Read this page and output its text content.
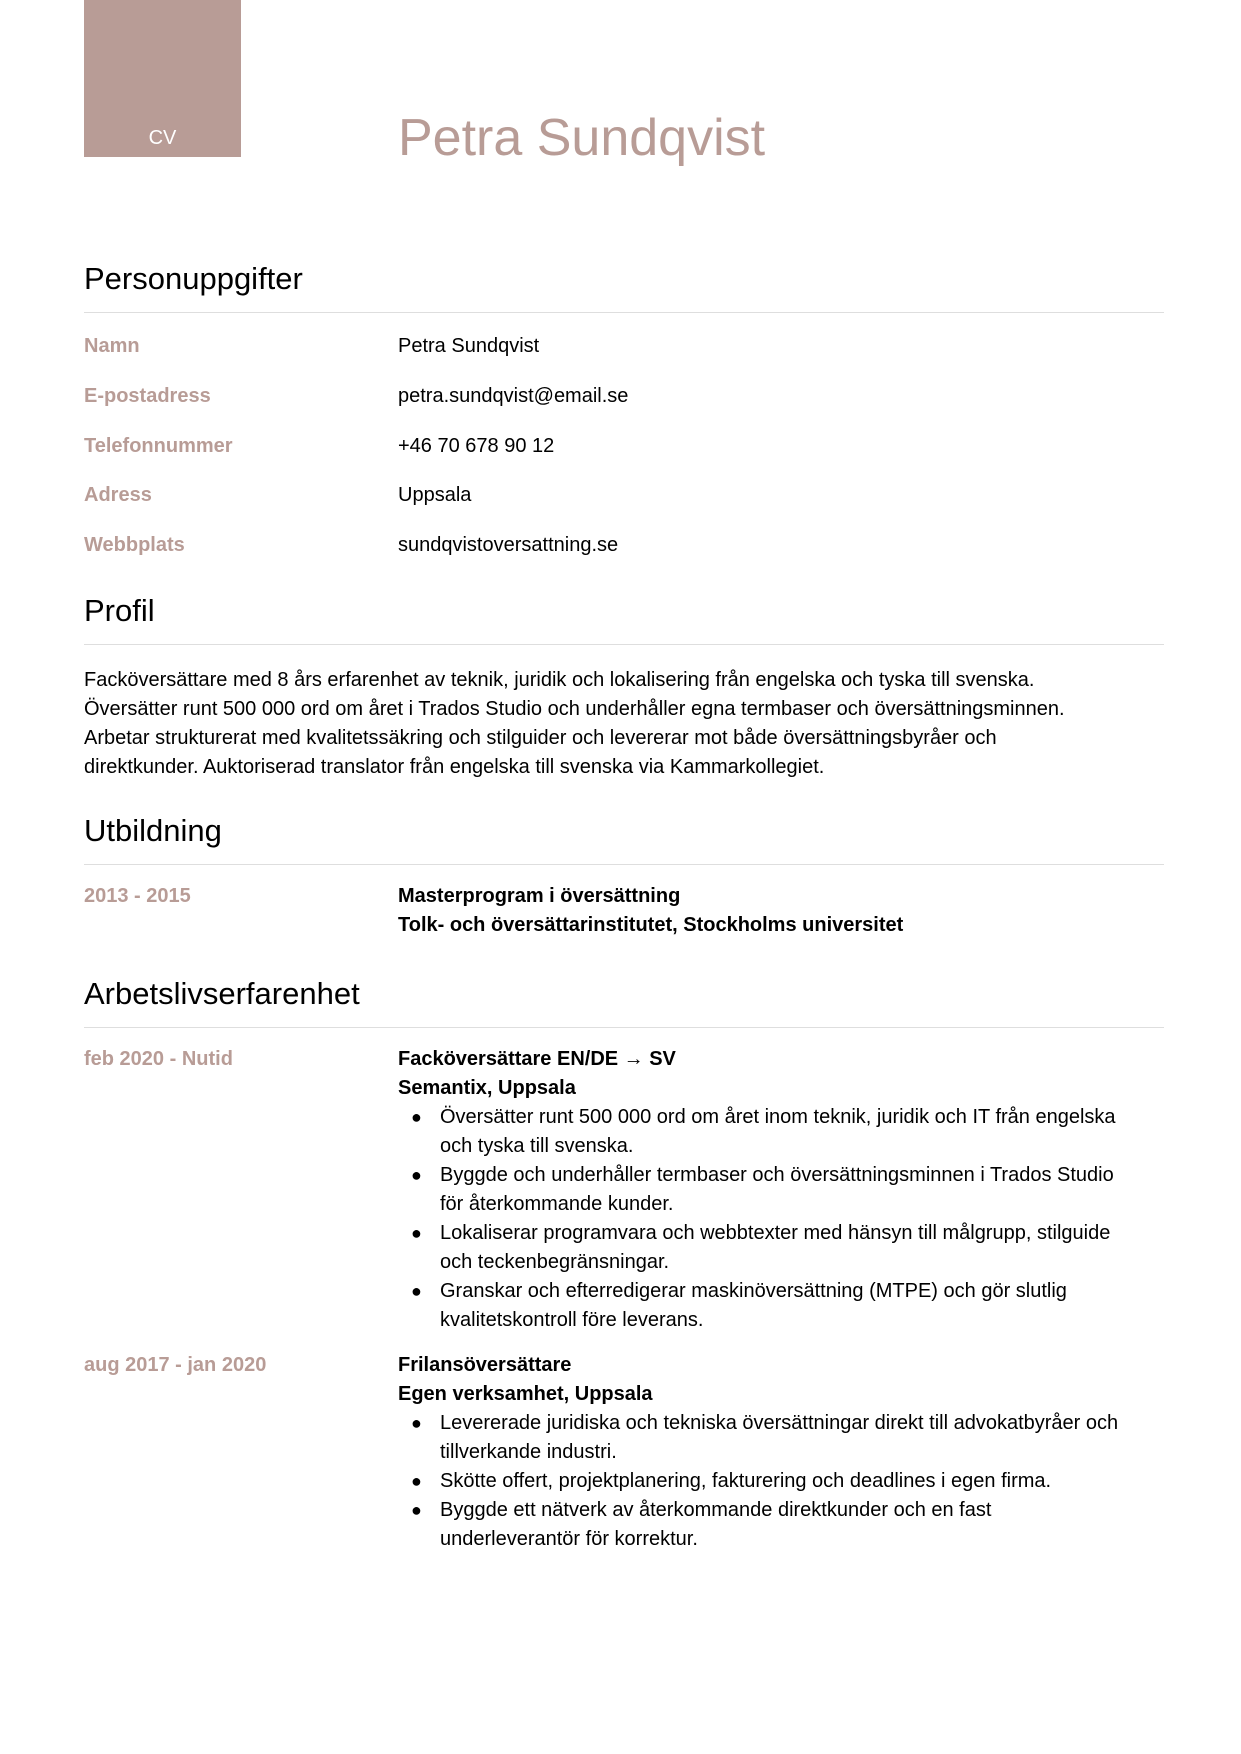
CV	Petra Sundqvist
Personuppgifter
Namn	Petra Sundqvist
E-postadress	petra.sundqvist@email.se
Telefonnummer	+46 70 678 90 12
Adress	Uppsala
Webbplats	sundqvistoversattning.se
Profil
Facköversättare med 8 års erfarenhet av teknik, juridik och lokalisering från engelska och tyska till svenska.
Översätter runt 500 000 ord om året i Trados Studio och underhåller egna termbaser och översättningsminnen.
Arbetar strukturerat med kvalitetssäkring och stilguider och levererar mot både översättningsbyråer och
direktkunder. Auktoriserad translator från engelska till svenska via Kammarkollegiet.
Utbildning
2013 - 2015	Masterprogram i översättning
Tolk- och översättarinstitutet, Stockholms universitet
Arbetslivserfarenhet
feb 2020 - Nutid	Facköversättare EN/DE → SV
Semantix, Uppsala
● Översätter runt 500 000 ord om året inom teknik, juridik och IT från engelska
och tyska till svenska.
● Byggde och underhåller termbaser och översättningsminnen i Trados Studio
för återkommande kunder.
● Lokaliserar programvara och webbtexter med hänsyn till målgrupp, stilguide
och teckenbegränsningar.
● Granskar och efterredigerar maskinöversättning (MTPE) och gör slutlig
kvalitetskontroll före leverans.
aug 2017 - jan 2020	Frilansöversättare
Egen verksamhet, Uppsala
● Levererade juridiska och tekniska översättningar direkt till advokatbyråer och
tillverkande industri.
● Skötte offert, projektplanering, fakturering och deadlines i egen firma.
● Byggde ett nätverk av återkommande direktkunder och en fast
underleverantör för korrektur.
